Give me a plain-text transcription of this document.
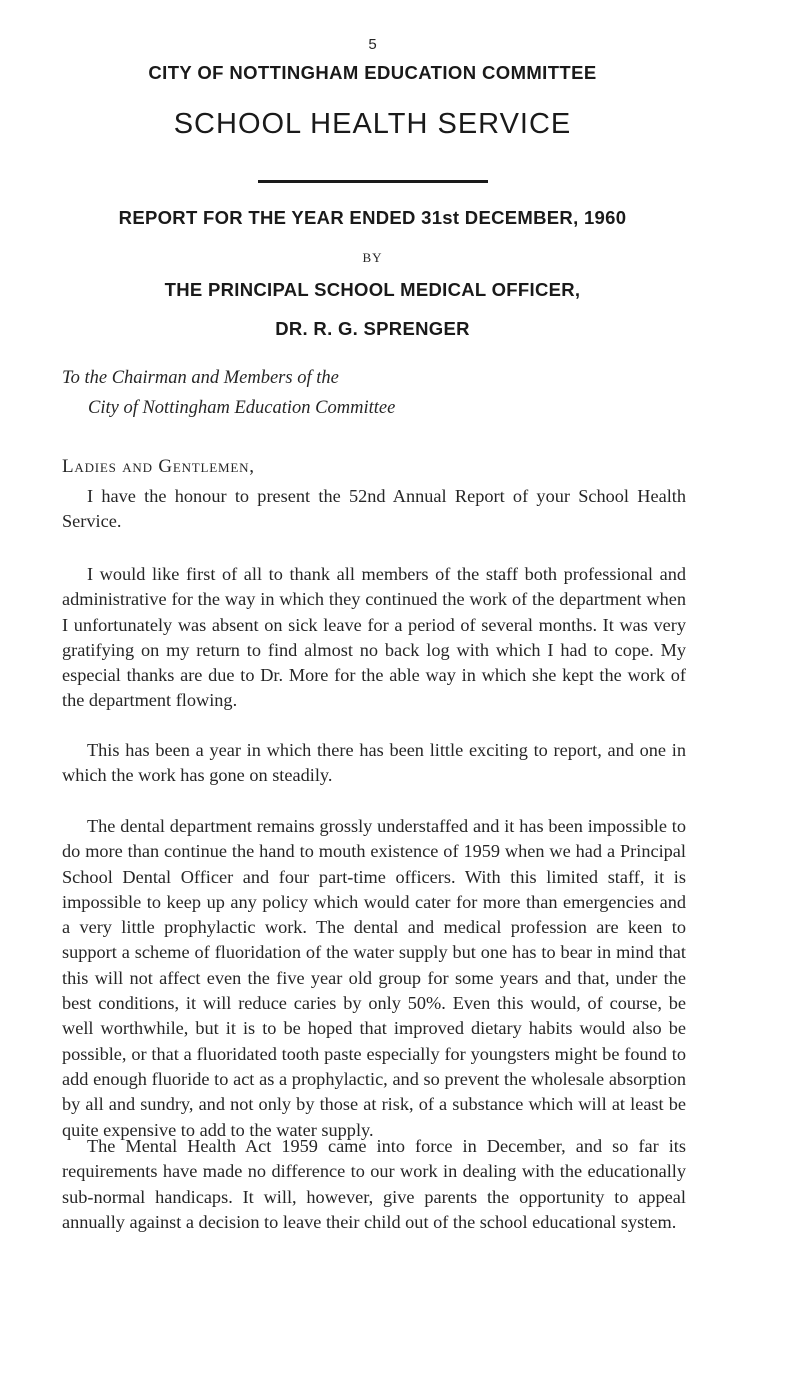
5
CITY OF NOTTINGHAM EDUCATION COMMITTEE
SCHOOL HEALTH SERVICE
REPORT FOR THE YEAR ENDED 31st DECEMBER, 1960
BY
THE PRINCIPAL SCHOOL MEDICAL OFFICER,
DR. R. G. SPRENGER
To the Chairman and Members of the
City of Nottingham Education Committee
Ladies and Gentlemen,

I have the honour to present the 52nd Annual Report of your School Health Service.

I would like first of all to thank all members of the staff both professional and administrative for the way in which they continued the work of the department when I unfortunately was absent on sick leave for a period of several months. It was very gratifying on my return to find almost no back log with which I had to cope. My especial thanks are due to Dr. More for the able way in which she kept the work of the department flowing.

This has been a year in which there has been little exciting to report, and one in which the work has gone on steadily.

The dental department remains grossly understaffed and it has been impossible to do more than continue the hand to mouth existence of 1959 when we had a Principal School Dental Officer and four part-time officers. With this limited staff, it is impossible to keep up any policy which would cater for more than emergencies and a very little prophylactic work. The dental and medical profession are keen to support a scheme of fluoridation of the water supply but one has to bear in mind that this will not affect even the five year old group for some years and that, under the best conditions, it will reduce caries by only 50%. Even this would, of course, be well worthwhile, but it is to be hoped that improved dietary habits would also be possible, or that a fluoridated tooth paste especially for youngsters might be found to add enough fluoride to act as a prophylactic, and so prevent the wholesale absorption by all and sundry, and not only by those at risk, of a substance which will at least be quite expensive to add to the water supply.

The Mental Health Act 1959 came into force in December, and so far its requirements have made no difference to our work in dealing with the educationally sub-normal handicaps. It will, however, give parents the opportunity to appeal annually against a decision to leave their child out of the school educational system.
